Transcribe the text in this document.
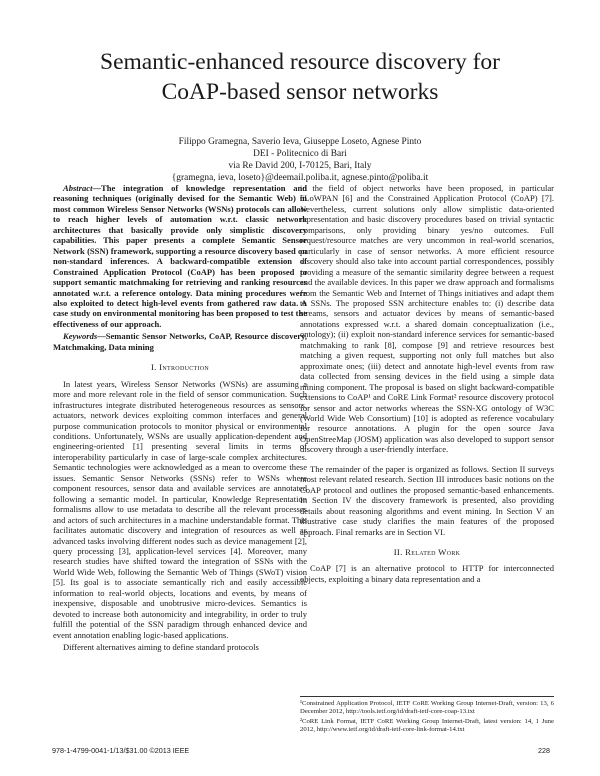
Semantic-enhanced resource discovery for
CoAP-based sensor networks
Filippo Gramegna, Saverio Ieva, Giuseppe Loseto, Agnese Pinto
DEI - Politecnico di Bari
via Re David 200, I-70125, Bari, Italy
{gramegna, ieva, loseto}@deemail.poliba.it, agnese.pinto@poliba.it

Abstract—The integration of knowledge representation and reasoning techniques (originally devised for the Semantic Web) in most common Wireless Sensor Networks (WSNs) protocols can allow to reach higher levels of automation w.r.t. classic network architectures that basically provide only simplistic discovery capabilities. This paper presents a complete Semantic Sensor Network (SSN) framework, supporting a resource discovery based on non-standard inferences. A backward-compatible extension of Constrained Application Protocol (CoAP) has been proposed to support semantic matchmaking for retrieving and ranking resources annotated w.r.t. a reference ontology. Data mining procedures were also exploited to detect high-level events from gathered raw data. A case study on environmental monitoring has been proposed to test the effectiveness of our approach.

Keywords—Semantic Sensor Networks, CoAP, Resource discovery, Matchmaking, Data mining

I. Introduction

In latest years, Wireless Sensor Networks (WSNs) are assuming a more and more relevant role in the field of sensor communication. Such infrastructures integrate distributed heterogeneous resources as sensors, actuators, network devices exploiting common interfaces and general purpose communication protocols to monitor physical or environmental conditions. Unfortunately, WSNs are usually application-dependent and engineering-oriented [1] presenting several limits in terms of interoperability particularly in case of large-scale complex architectures. Semantic technologies were acknowledged as a mean to overcome these issues. Semantic Sensor Networks (SSNs) refer to WSNs where component resources, sensor data and available services are annotated following a semantic model. In particular, Knowledge Representation formalisms allow to use metadata to describe all the relevant processes and actors of such architectures in a machine understandable format. This facilitates automatic discovery and integration of resources as well as advanced tasks involving different nodes such as device management [2], query processing [3], application-level services [4]. Moreover, many research studies have shifted toward the integration of SSNs with the World Wide Web, following the Semantic Web of Things (SWoT) vision [5]. Its goal is to associate semantically rich and easily accessible information to real-world objects, locations and events, by means of inexpensive, disposable and unobtrusive micro-devices. Semantics is devoted to increase both autonomicity and integrability, in order to truly fulfill the potential of the SSN paradigm through enhanced device and event annotation enabling logic-based applications.

Different alternatives aiming to define standard protocols

in the field of object networks have been proposed, in particular 6LoWPAN [6] and the Constrained Application Protocol (CoAP) [7]. Nevertheless, current solutions only allow simplistic data-oriented representation and basic discovery procedures based on trivial syntactic comparisons, only providing binary yes/no outcomes. Full request/resource matches are very uncommon in real-world scenarios, particularly in case of sensor networks. A more efficient resource discovery should also take into account partial correspondences, possibly providing a measure of the semantic similarity degree between a request and the available devices. In this paper we draw approach and formalisms from the Semantic Web and Internet of Things initiatives and adapt them to SSNs. The proposed SSN architecture enables to: (i) describe data streams, sensors and actuator devices by means of semantic-based annotations expressed w.r.t. a shared domain conceptualization (i.e., ontology); (ii) exploit non-standard inference services for semantic-based matchmaking to rank [8], compose [9] and retrieve resources best matching a given request, supporting not only full matches but also approximate ones; (iii) detect and annotate high-level events from raw data collected from sensing devices in the field using a simple data mining component. The proposal is based on slight backward-compatible extensions to CoAP¹ and CoRE Link Format² resource discovery protocol for sensor and actor networks whereas the SSN-XG ontology of W3C (World Wide Web Consortium) [10] is adopted as reference vocabulary for resource annotations. A plugin for the open source Java OpenStreeMap (JOSM) application was also developed to support sensor discovery through a user-friendly interface.

The remainder of the paper is organized as follows. Section II surveys most relevant related research. Section III introduces basic notions on the CoAP protocol and outlines the proposed semantic-based enhancements. In Section IV the discovery framework is presented, also providing details about reasoning algorithms and event mining. In Section V an illustrative case study clarifies the main features of the proposed approach. Final remarks are in Section VI.

II. Related Work

CoAP [7] is an alternative protocol to HTTP for interconnected objects, exploiting a binary data representation and a

¹Constrained Application Protocol, IETF CoRE Working Group Internet-Draft, version: 13, 6 December 2012, http://tools.ietf.org/id/draft-ietf-core-coap-13.txt
²CoRE Link Format, IETF CoRE Working Group Internet-Draft, latest version: 14, 1 June 2012, http://www.ietf.org/id/draft-ietf-core-link-format-14.txt
978-1-4799-0041-1/13/$31.00 ©2013 IEEE	228
